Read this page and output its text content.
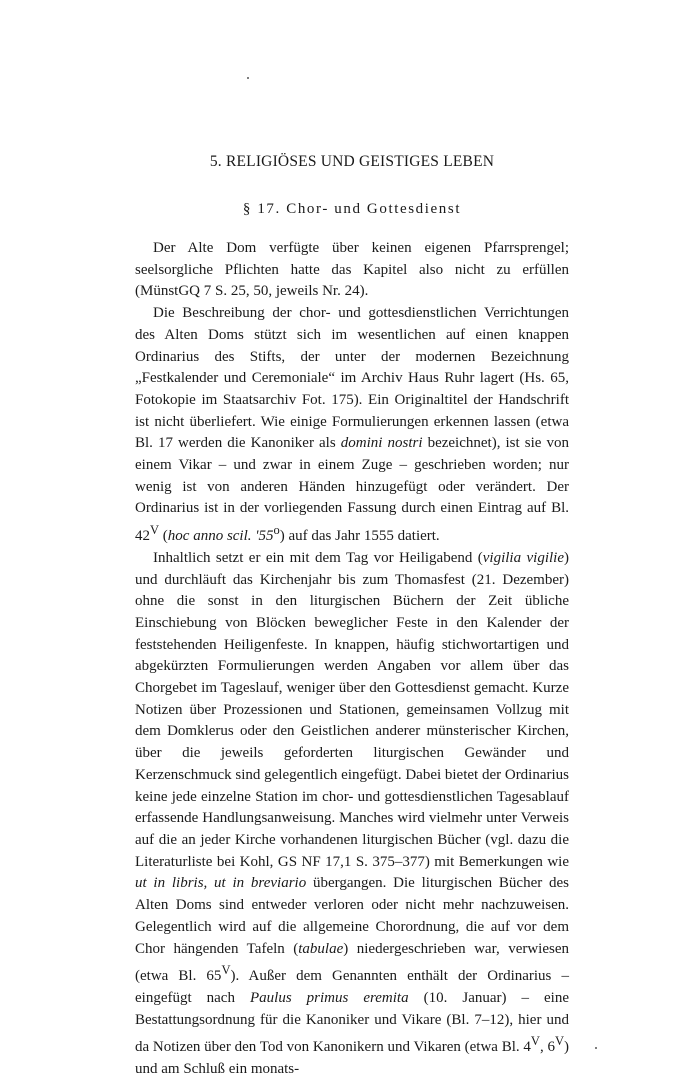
5. RELIGIÖSES UND GEISTIGES LEBEN
§ 17. Chor- und Gottesdienst

Der Alte Dom verfügte über keinen eigenen Pfarrsprengel; seelsorgliche Pflichten hatte das Kapitel also nicht zu erfüllen (MünstGQ 7 S. 25, 50, jeweils Nr. 24).

Die Beschreibung der chor- und gottesdienstlichen Verrichtungen des Alten Doms stützt sich im wesentlichen auf einen knappen Ordinarius des Stifts, der unter der modernen Bezeichnung „Festkalender und Ceremoniale“ im Archiv Haus Ruhr lagert (Hs. 65, Fotokopie im Staatsarchiv Fot. 175). Ein Originaltitel der Handschrift ist nicht überliefert. Wie einige Formulierungen erkennen lassen (etwa Bl. 17 werden die Kanoniker als domini nostri bezeichnet), ist sie von einem Vikar – und zwar in einem Zuge – geschrieben worden; nur wenig ist von anderen Händen hinzugefügt oder verändert. Der Ordinarius ist in der vorliegenden Fassung durch einen Eintrag auf Bl. $42^V$ (hoc anno scil. '55$^o$) auf das Jahr 1555 datiert.

Inhaltlich setzt er ein mit dem Tag vor Heiligabend (vigilia vigilie) und durchläuft das Kirchenjahr bis zum Thomasfest (21. Dezember) ohne die sonst in den liturgischen Büchern der Zeit übliche Einschiebung von Blöcken beweglicher Feste in den Kalender der feststehenden Heiligenfeste. In knappen, häufig stichwortartigen und abgekürzten Formulierungen werden Angaben vor allem über das Chorgebet im Tageslauf, weniger über den Gottesdienst gemacht. Kurze Notizen über Prozessionen und Stationen, gemeinsamen Vollzug mit dem Domklerus oder den Geistlichen anderer münsterischer Kirchen, über die jeweils geforderten liturgischen Gewänder und Kerzenschmuck sind gelegentlich eingefügt. Dabei bietet der Ordinarius keine jede einzelne Station im chor- und gottesdienstlichen Tagesablauf erfassende Handlungsanweisung. Manches wird vielmehr unter Verweis auf die an jeder Kirche vorhandenen liturgischen Bücher (vgl. dazu die Literaturliste bei Kohl, GS NF 17,1 S. 375–377) mit Bemerkungen wie ut in libris, ut in breviario übergangen. Die liturgischen Bücher des Alten Doms sind entweder verloren oder nicht mehr nachzuweisen. Gelegentlich wird auf die allgemeine Chorordnung, die auf vor dem Chor hängenden Tafeln (tabulae) niedergeschrieben war, verwiesen (etwa Bl. $65^V$). Außer dem Genannten enthält der Ordinarius – eingefügt nach Paulus primus eremita (10. Januar) – eine Bestattungsordnung für die Kanoniker und Vikare (Bl. 7–12), hier und da Notizen über den Tod von Kanonikern und Vikaren (etwa Bl. $4^V$, $6^V$) und am Schluß ein monats-
